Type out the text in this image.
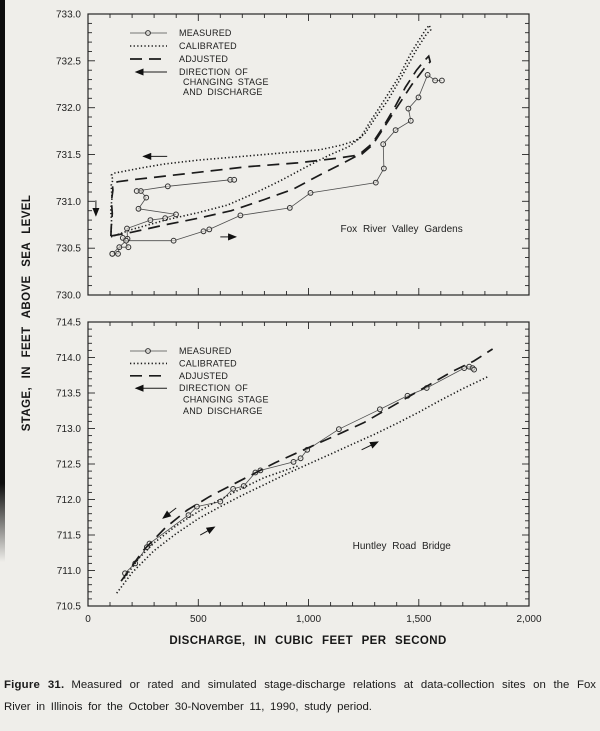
STAGE, IN FEET ABOVE SEA LEVEL
DISCHARGE, IN CUBIC FEET PER SECOND
733.0
732.5
732.0
731.5
731.0
730.5
730.0
Fox River Valley Gardens
MEASURED
CALIBRATED
ADJUSTED
DIRECTION OF
CHANGING STAGE
AND DISCHARGE
714.5
714.0
713.5
713.0
712.5
712.0
711.5
711.0
710.5
0	500	1,000	1,500	2,000
Huntley Road Bridge
MEASURED
CALIBRATED
ADJUSTED
DIRECTION OF
CHANGING STAGE
AND DISCHARGE

Figure 31. Measured or rated and simulated stage-discharge relations at data-collection sites on the Fox River in Illinois for the October 30-November 11, 1990, study period.
